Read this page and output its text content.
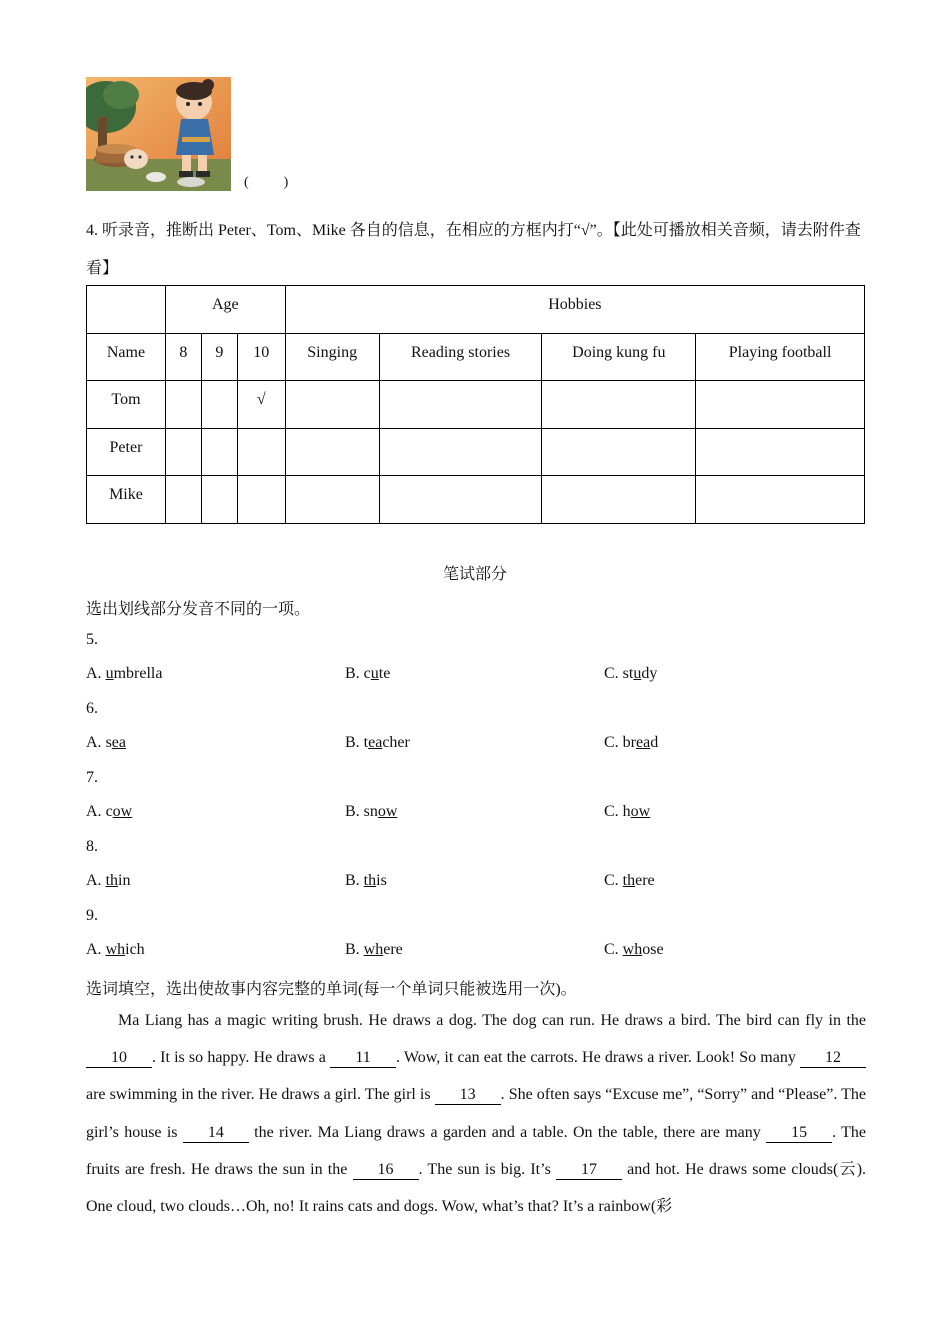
(          )
4. 听录音，推断出 Peter、Tom、Mike 各自的信息，在相应的方框内打“√”。【此处可播放相关音频，请去附件查看】
	Age			Hobbies			
Name	8	9	10	Singing	Reading stories	Doing kung fu	Playing football
Tom			√				
Peter							
Mike							
笔试部分
选出划线部分发音不同的一项。
5.
A. umbrella	B. cute	C. study
6.
A. sea	B. teacher	C. bread
7.
A. cow	B. snow	C. how
8.
A. thin	B. this	C. there
9.
A. which	B. where	C. whose
选词填空，选出使故事内容完整的单词(每一个单词只能被选用一次)。
Ma Liang has a magic writing brush. He draws a dog. The dog can run. He draws a bird. The bird can fly in the 10 . It is so happy. He draws a 11 . Wow, it can eat the carrots. He draws a river. Look! So many 12 are swimming in the river. He draws a girl. The girl is 13 . She often says “Excuse me”, “Sorry” and “Please”. The girl’s house is 14 the river. Ma Liang draws a garden and a table. On the table, there are many 15 . The fruits are fresh. He draws the sun in the 16 . The sun is big. It’s 17 and hot. He draws some clouds(云). One cloud, two clouds…Oh, no! It rains cats and dogs. Wow, what’s that? It’s a rainbow(彩
